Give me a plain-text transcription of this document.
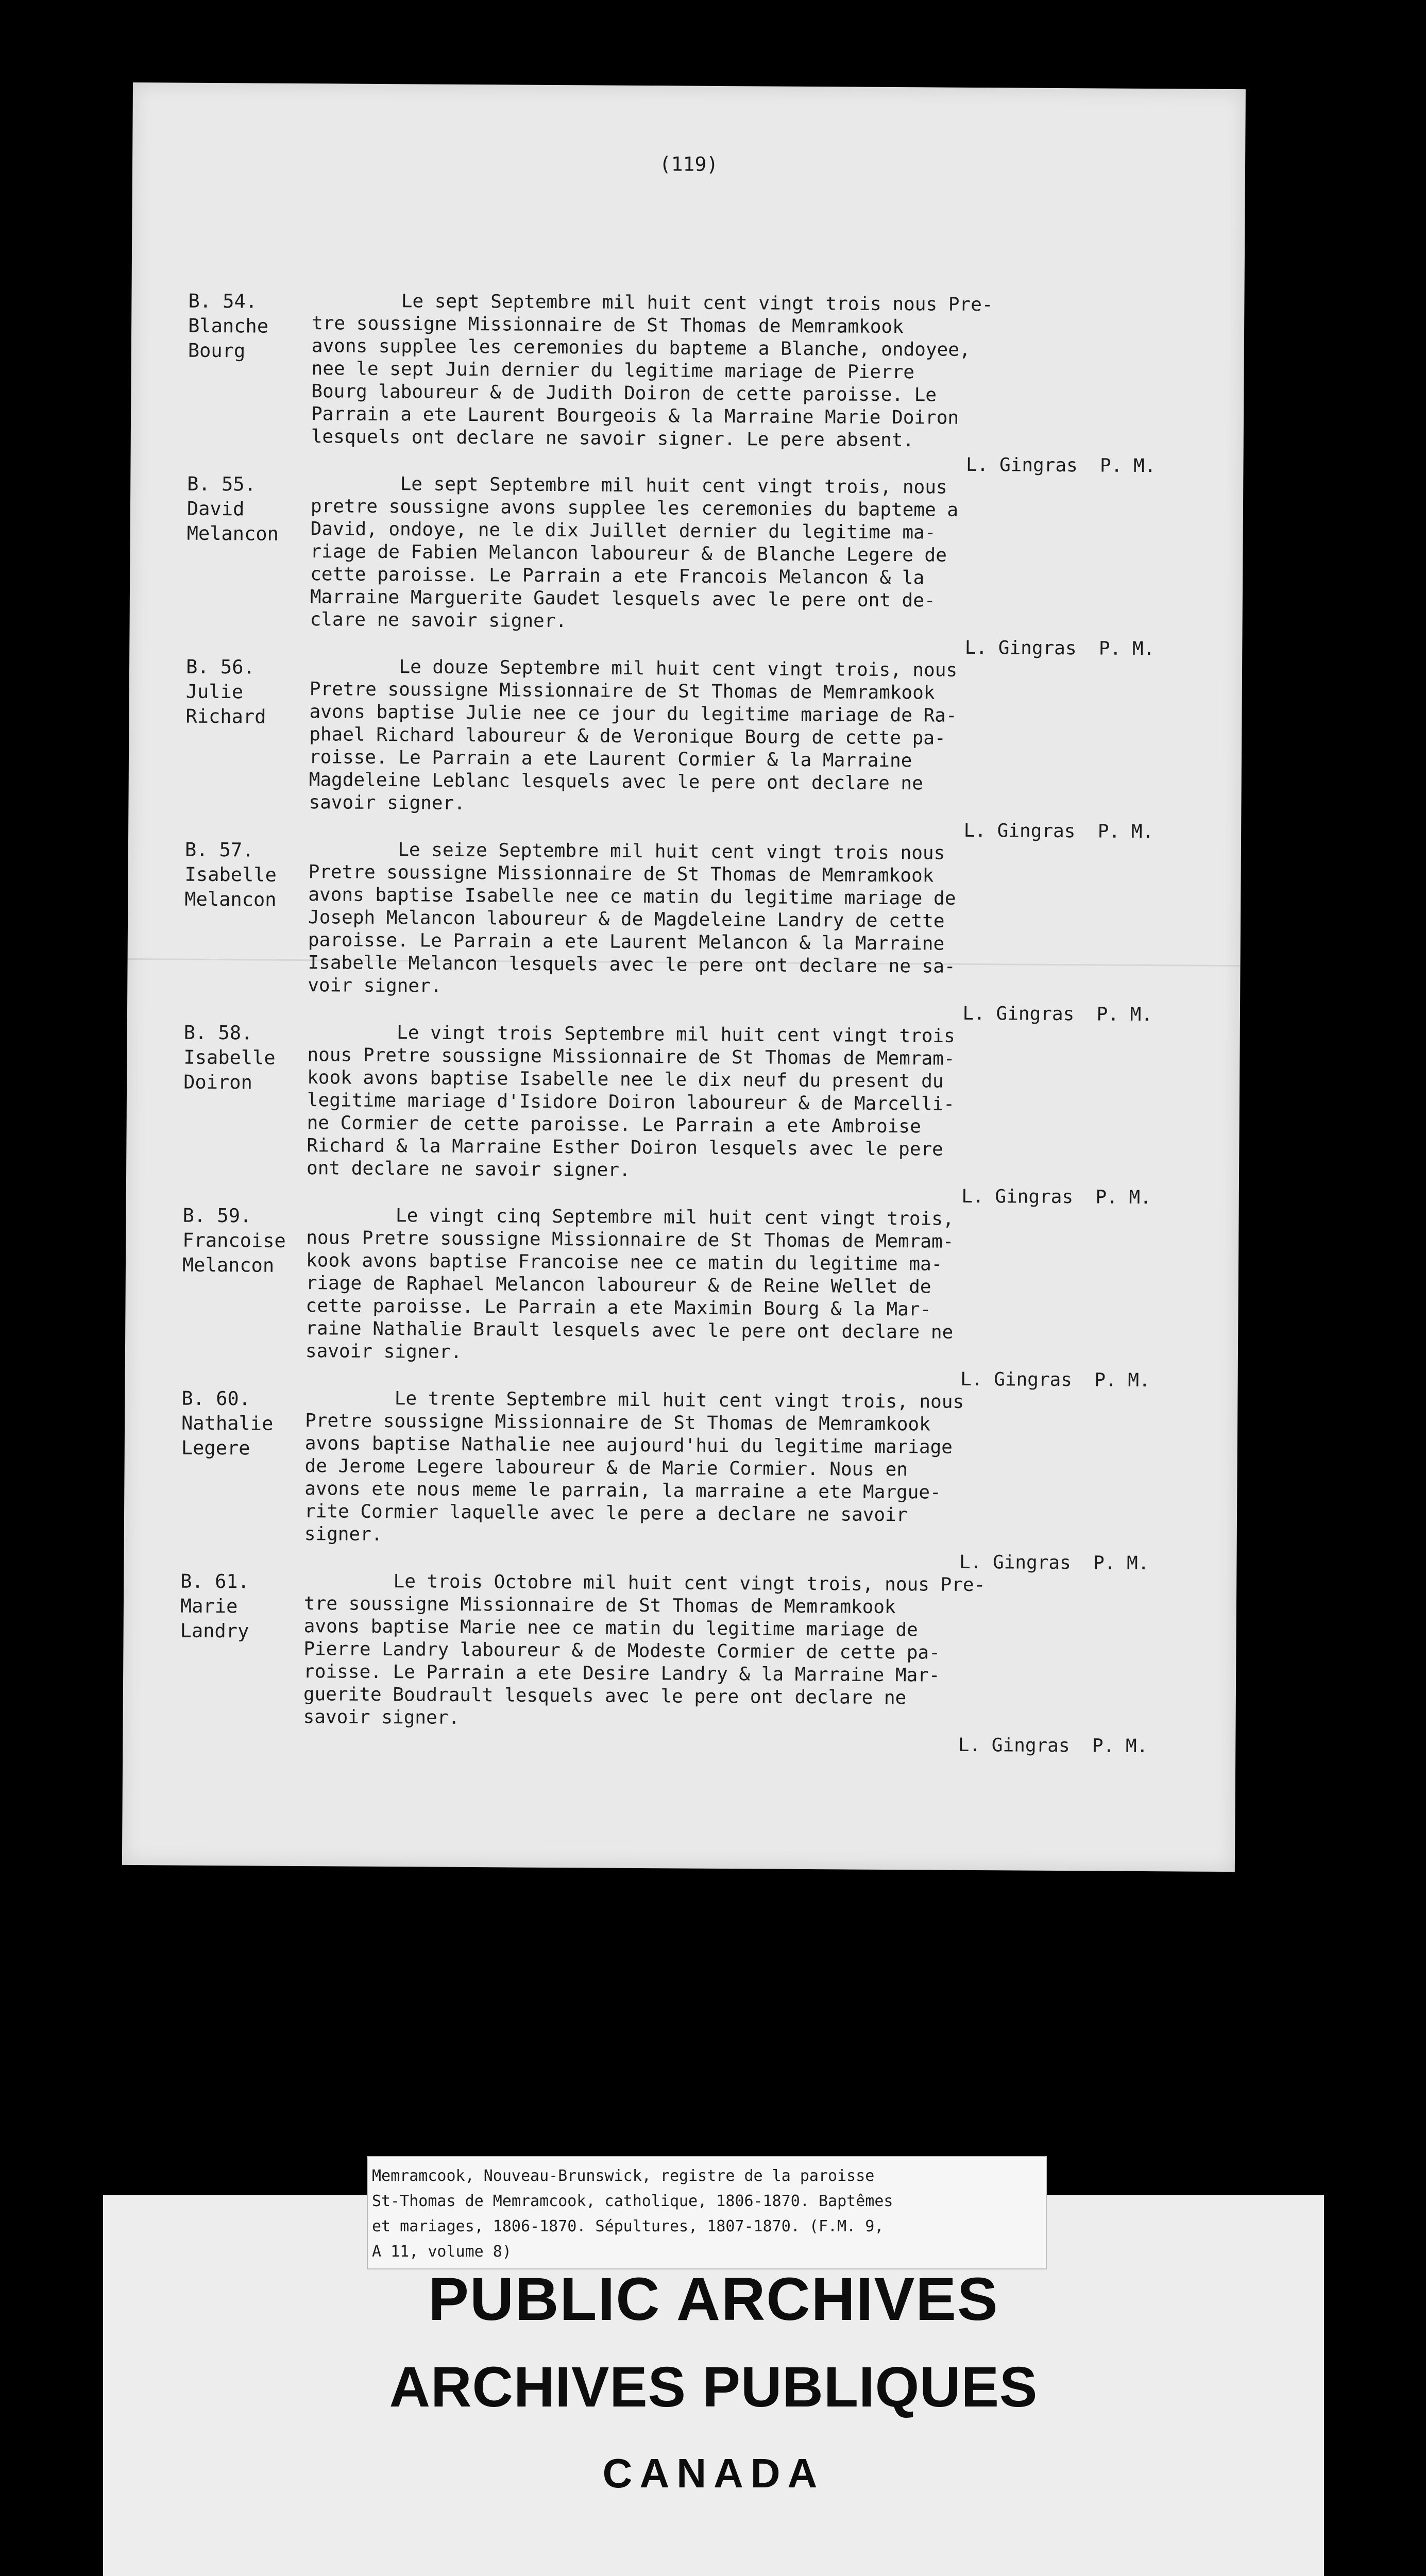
(119)
B. 54.
Blanche
Bourg
Le sept Septembre mil huit cent vingt trois nous Pre-
tre soussigne Missionnaire de St Thomas de Memramkook
avons supplee les ceremonies du bapteme a Blanche, ondoyee,
nee le sept Juin dernier du legitime mariage de Pierre
Bourg laboureur & de Judith Doiron de cette paroisse. Le
Parrain a ete Laurent Bourgeois & la Marraine Marie Doiron
lesquels ont declare ne savoir signer. Le pere absent.
L. Gingras  P. M.
B. 55.
David
Melancon
Le sept Septembre mil huit cent vingt trois, nous
pretre soussigne avons supplee les ceremonies du bapteme a
David, ondoye, ne le dix Juillet dernier du legitime ma-
riage de Fabien Melancon laboureur & de Blanche Legere de
cette paroisse. Le Parrain a ete Francois Melancon & la
Marraine Marguerite Gaudet lesquels avec le pere ont de-
clare ne savoir signer.
L. Gingras  P. M.
B. 56.
Julie
Richard
Le douze Septembre mil huit cent vingt trois, nous
Pretre soussigne Missionnaire de St Thomas de Memramkook
avons baptise Julie nee ce jour du legitime mariage de Ra-
phael Richard laboureur & de Veronique Bourg de cette pa-
roisse. Le Parrain a ete Laurent Cormier & la Marraine
Magdeleine Leblanc lesquels avec le pere ont declare ne
savoir signer.
L. Gingras  P. M.
B. 57.
Isabelle
Melancon
Le seize Septembre mil huit cent vingt trois nous
Pretre soussigne Missionnaire de St Thomas de Memramkook
avons baptise Isabelle nee ce matin du legitime mariage de
Joseph Melancon laboureur & de Magdeleine Landry de cette
paroisse. Le Parrain a ete Laurent Melancon & la Marraine
Isabelle Melancon lesquels avec le pere ont declare ne sa-
voir signer.
L. Gingras  P. M.
B. 58.
Isabelle
Doiron
Le vingt trois Septembre mil huit cent vingt trois
nous Pretre soussigne Missionnaire de St Thomas de Memram-
kook avons baptise Isabelle nee le dix neuf du present du
legitime mariage d'Isidore Doiron laboureur & de Marcelli-
ne Cormier de cette paroisse. Le Parrain a ete Ambroise
Richard & la Marraine Esther Doiron lesquels avec le pere
ont declare ne savoir signer.
L. Gingras  P. M.
B. 59.
Francoise
Melancon
Le vingt cinq Septembre mil huit cent vingt trois,
nous Pretre soussigne Missionnaire de St Thomas de Memram-
kook avons baptise Francoise nee ce matin du legitime ma-
riage de Raphael Melancon laboureur & de Reine Wellet de
cette paroisse. Le Parrain a ete Maximin Bourg & la Mar-
raine Nathalie Brault lesquels avec le pere ont declare ne
savoir signer.
L. Gingras  P. M.
B. 60.
Nathalie
Legere
Le trente Septembre mil huit cent vingt trois, nous
Pretre soussigne Missionnaire de St Thomas de Memramkook
avons baptise Nathalie nee aujourd'hui du legitime mariage
de Jerome Legere laboureur & de Marie Cormier. Nous en
avons ete nous meme le parrain, la marraine a ete Margue-
rite Cormier laquelle avec le pere a declare ne savoir
signer.
L. Gingras  P. M.
B. 61.
Marie
Landry
Le trois Octobre mil huit cent vingt trois, nous Pre-
tre soussigne Missionnaire de St Thomas de Memramkook
avons baptise Marie nee ce matin du legitime mariage de
Pierre Landry laboureur & de Modeste Cormier de cette pa-
roisse. Le Parrain a ete Desire Landry & la Marraine Mar-
guerite Boudrault lesquels avec le pere ont declare ne
savoir signer.
L. Gingras  P. M.
Memramcook, Nouveau-Brunswick, registre de la paroisse
St-Thomas de Memramcook, catholique, 1806-1870. Baptêmes
et mariages, 1806-1870. Sépultures, 1807-1870. (F.M. 9,
A 11, volume 8)
PUBLIC ARCHIVES
ARCHIVES PUBLIQUES
CANADA
